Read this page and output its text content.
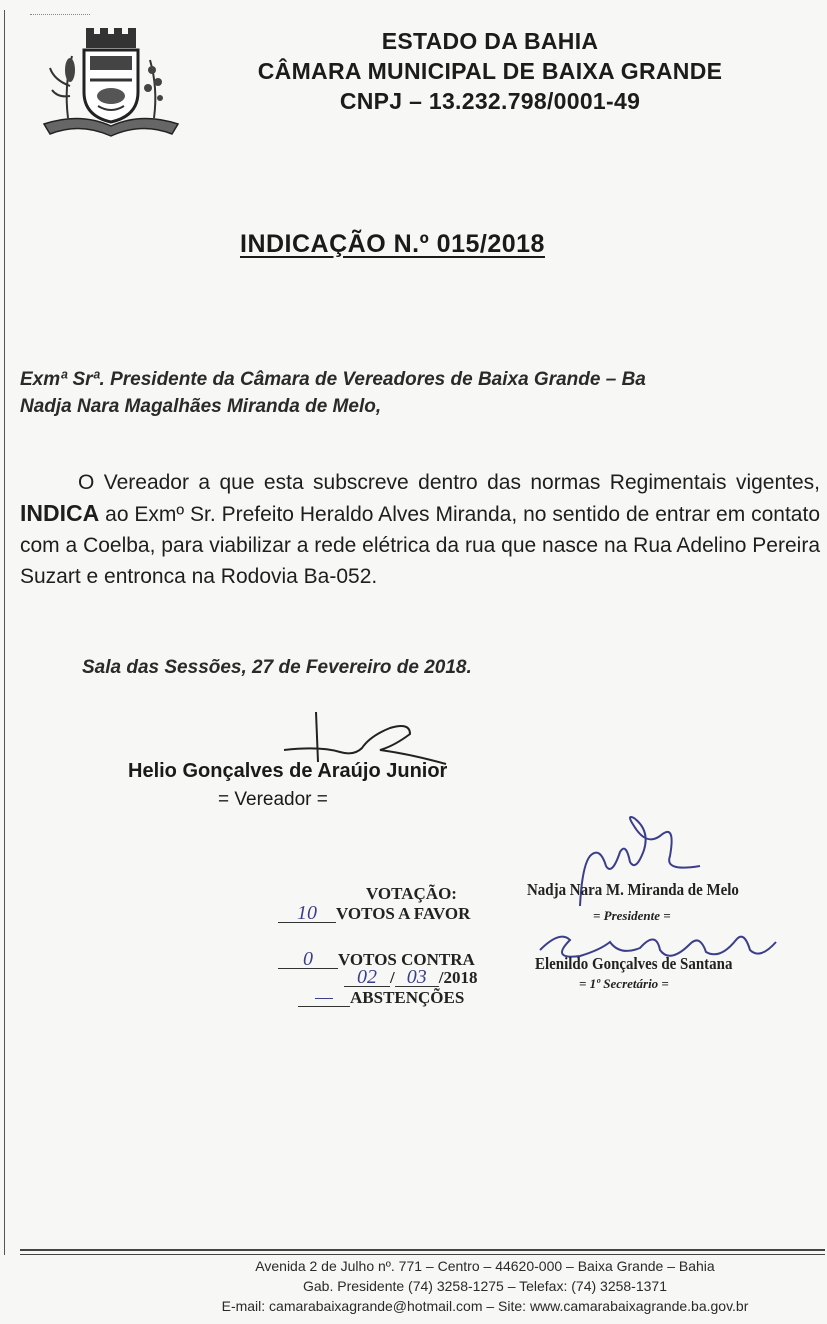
ESTADO DA BAHIA
CÂMARA MUNICIPAL DE BAIXA GRANDE
CNPJ – 13.232.798/0001-49
INDICAÇÃO N.º 015/2018
Exmª Srª. Presidente da Câmara de Vereadores de Baixa Grande – Ba
Nadja Nara Magalhães Miranda de Melo,

O Vereador a que esta subscreve dentro das normas Regimentais vigentes, INDICA ao Exmº Sr. Prefeito Heraldo Alves Miranda, no sentido de entrar em contato com a Coelba, para viabilizar a rede elétrica da rua que nasce na Rua Adelino Pereira Suzart e entronca na Rodovia Ba-052.

Sala das Sessões, 27 de Fevereiro de 2018.
Helio Gonçalves de Araújo Junior
= Vereador =
VOTAÇÃO:
10 VOTOS A FAVOR
0 VOTOS CONTRA
02 / 03 /2018
— ABSTENÇÕES
Nadja Nara M. Miranda de Melo
= Presidente =
Elenildo Gonçalves de Santana
= 1º Secretário =
Avenida 2 de Julho nº. 771 – Centro – 44620-000 – Baixa Grande – Bahia
Gab. Presidente (74) 3258-1275 – Telefax: (74) 3258-1371
E-mail: camarabaixagrande@hotmail.com – Site: www.camarabaixagrande.ba.gov.br
